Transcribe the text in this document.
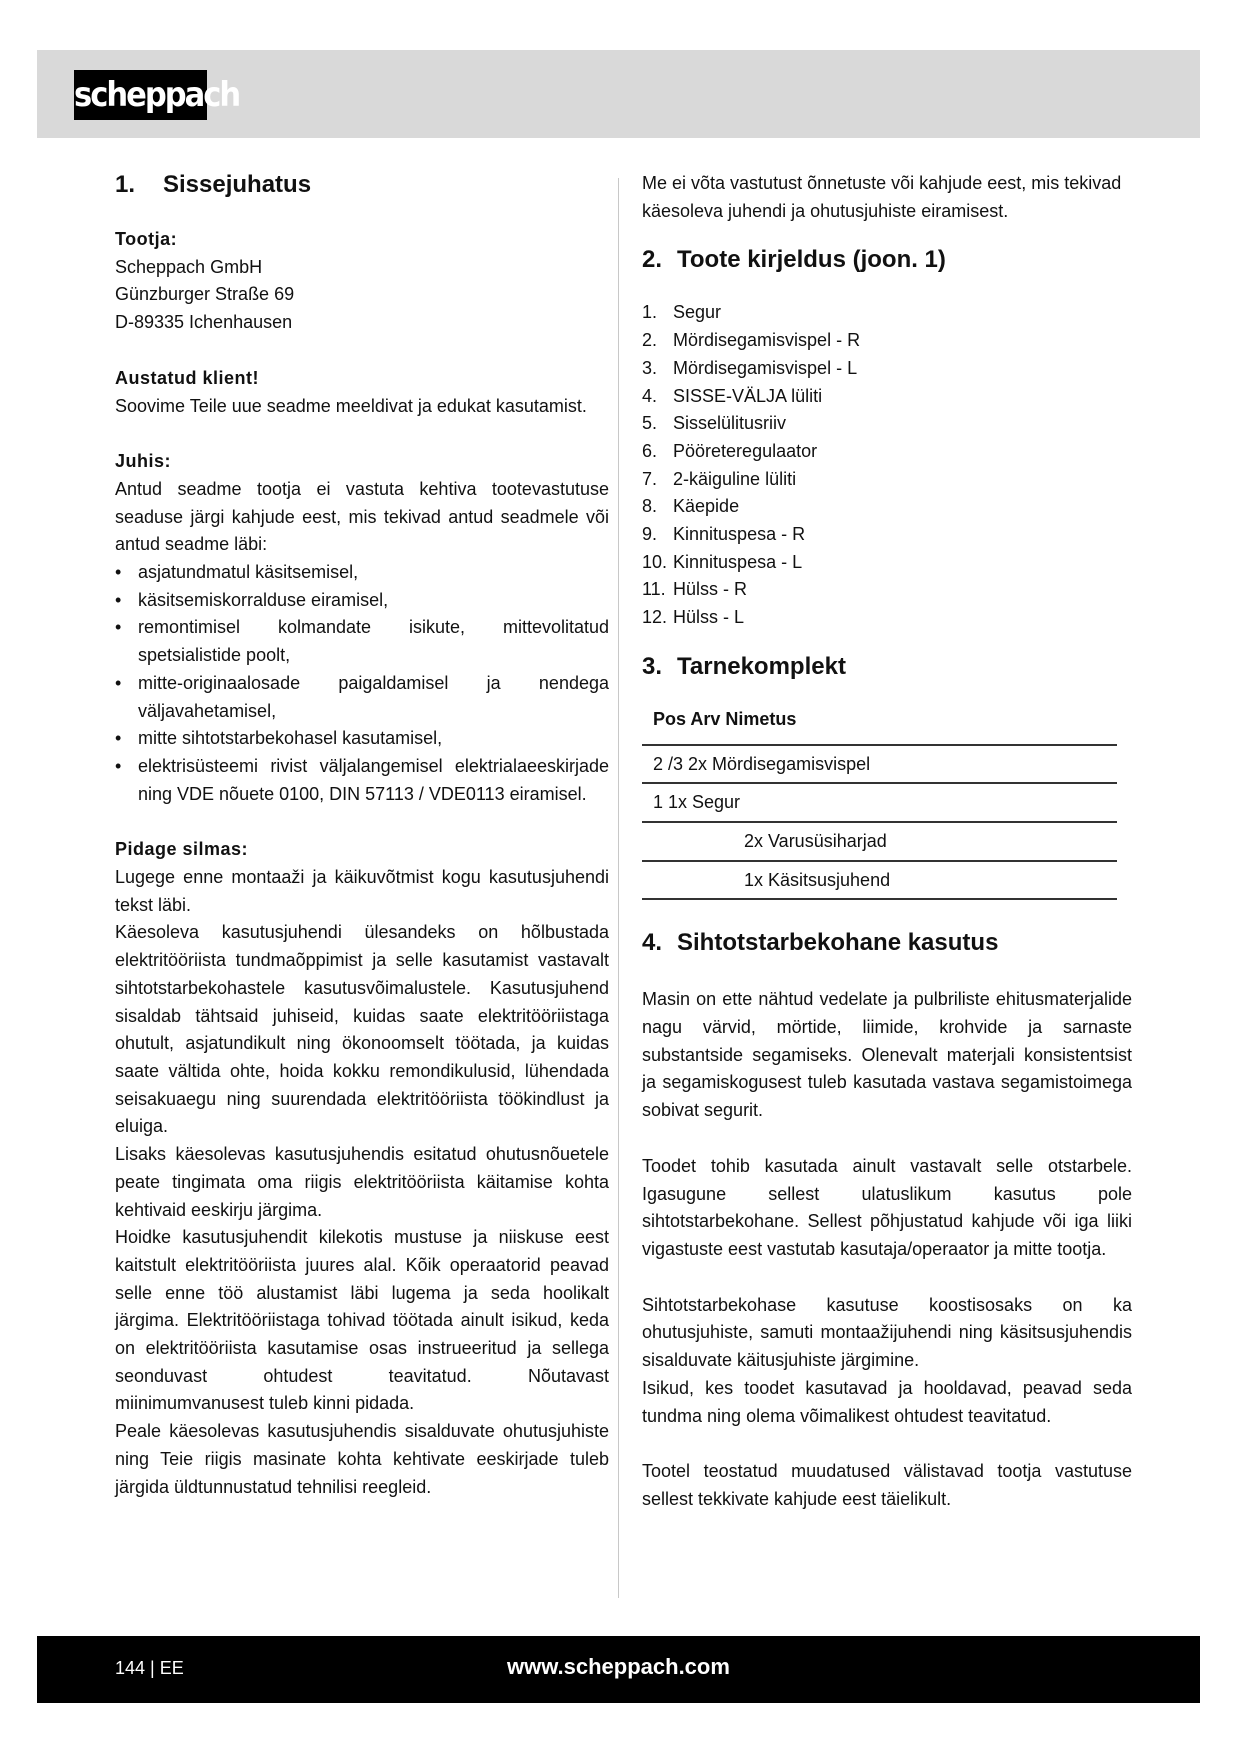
scheppach
1. Sissejuhatus
Tootja:
Scheppach GmbH
Günzburger Straße 69
D-89335 Ichenhausen
Austatud klient!

Soovime Teile uue seadme meeldivat ja edukat kasutamist.

Juhis:

Antud seadme tootja ei vastuta kehtiva tootevastutuse seaduse järgi kahjude eest, mis tekivad antud seadmele või antud seadme läbi:

• asjatundmatul käsitsemisel,
• käsitsemiskorralduse eiramisel,
• remontimisel kolmandate isikute, mittevolitatud spetsialistide poolt,
• mitte-originaalosade paigaldamisel ja nendega väljavahetamisel,
• mitte sihtotstarbekohasel kasutamisel,
• elektrisüsteemi rivist väljalangemisel elektrialaeeskirjade ning VDE nõuete 0100, DIN 57113 / VDE0113 eiramisel.
Pidage silmas:

Lugege enne montaaži ja käikuvõtmist kogu kasutusjuhendi tekst läbi.

Käesoleva kasutusjuhendi ülesandeks on hõlbustada elektritööriista tundmaõppimist ja selle kasutamist vastavalt sihtotstarbekohastele kasutusvõimalustele. Kasutusjuhend sisaldab tähtsaid juhiseid, kuidas saate elektritööriistaga ohutult, asjatundikult ning ökonoomselt töötada, ja kuidas saate vältida ohte, hoida kokku remondikulusid, lühendada seisakuaegu ning suurendada elektritööriista töökindlust ja eluiga.

Lisaks käesolevas kasutusjuhendis esitatud ohutusnõuetele peate tingimata oma riigis elektritööriista käitamise kohta kehtivaid eeskirju järgima.

Hoidke kasutusjuhendit kilekotis mustuse ja niiskuse eest kaitstult elektritööriista juures alal. Kõik operaatorid peavad selle enne töö alustamist läbi lugema ja seda hoolikalt järgima. Elektritööriistaga tohivad töötada ainult isikud, keda on elektritööriista kasutamise osas instrueeritud ja sellega seonduvast ohtudest teavitatud. Nõutavast miinimumvanusest tuleb kinni pidada.

Peale käesolevas kasutusjuhendis sisalduvate ohutusjuhiste ning Teie riigis masinate kohta kehtivate eeskirjade tuleb järgida üldtunnustatud tehnilisi reegleid.

Me ei võta vastutust õnnetuste või kahjude eest, mis tekivad käesoleva juhendi ja ohutusjuhiste eiramisest.

2. Toote kirjeldus (joon. 1)
1. Segur
2. Mördisegamisvispel - R
3. Mördisegamisvispel - L
4. SISSE-VÄLJA lüliti
5. Sisselülitusriiv
6. Pööreteregulaator
7. 2-käiguline lüliti
8. Käepide
9. Kinnituspesa - R
10. Kinnituspesa - L
11. Hülss - R
12. Hülss - L
3. Tarnekomplekt
Pos Arv Nimetus
2 /3 2x Mördisegamisvispel
1 1x Segur
2x Varusüsiharjad
1x Käsitsusjuhend
4. Sihtotstarbekohane kasutus

Masin on ette nähtud vedelate ja pulbriliste ehitusmaterjalide nagu värvid, mörtide, liimide, krohvide ja sarnaste substantside segamiseks. Olenevalt materjali konsistentsist ja segamiskogusest tuleb kasutada vastava segamistoimega sobivat segurit.

Toodet tohib kasutada ainult vastavalt selle otstarbele. Igasugune sellest ulatuslikum kasutus pole sihtotstarbekohane. Sellest põhjustatud kahjude või iga liiki vigastuste eest vastutab kasutaja/operaator ja mitte tootja.

Sihtotstarbekohase kasutuse koostisosaks on ka ohutusjuhiste, samuti montaažijuhendi ning käsitsusjuhendis sisalduvate käitusjuhiste järgimine.

Isikud, kes toodet kasutavad ja hooldavad, peavad seda tundma ning olema võimalikest ohtudest teavitatud.

Tootel teostatud muudatused välistavad tootja vastutuse sellest tekkivate kahjude eest täielikult.

144 | EE	www.scheppach.com
